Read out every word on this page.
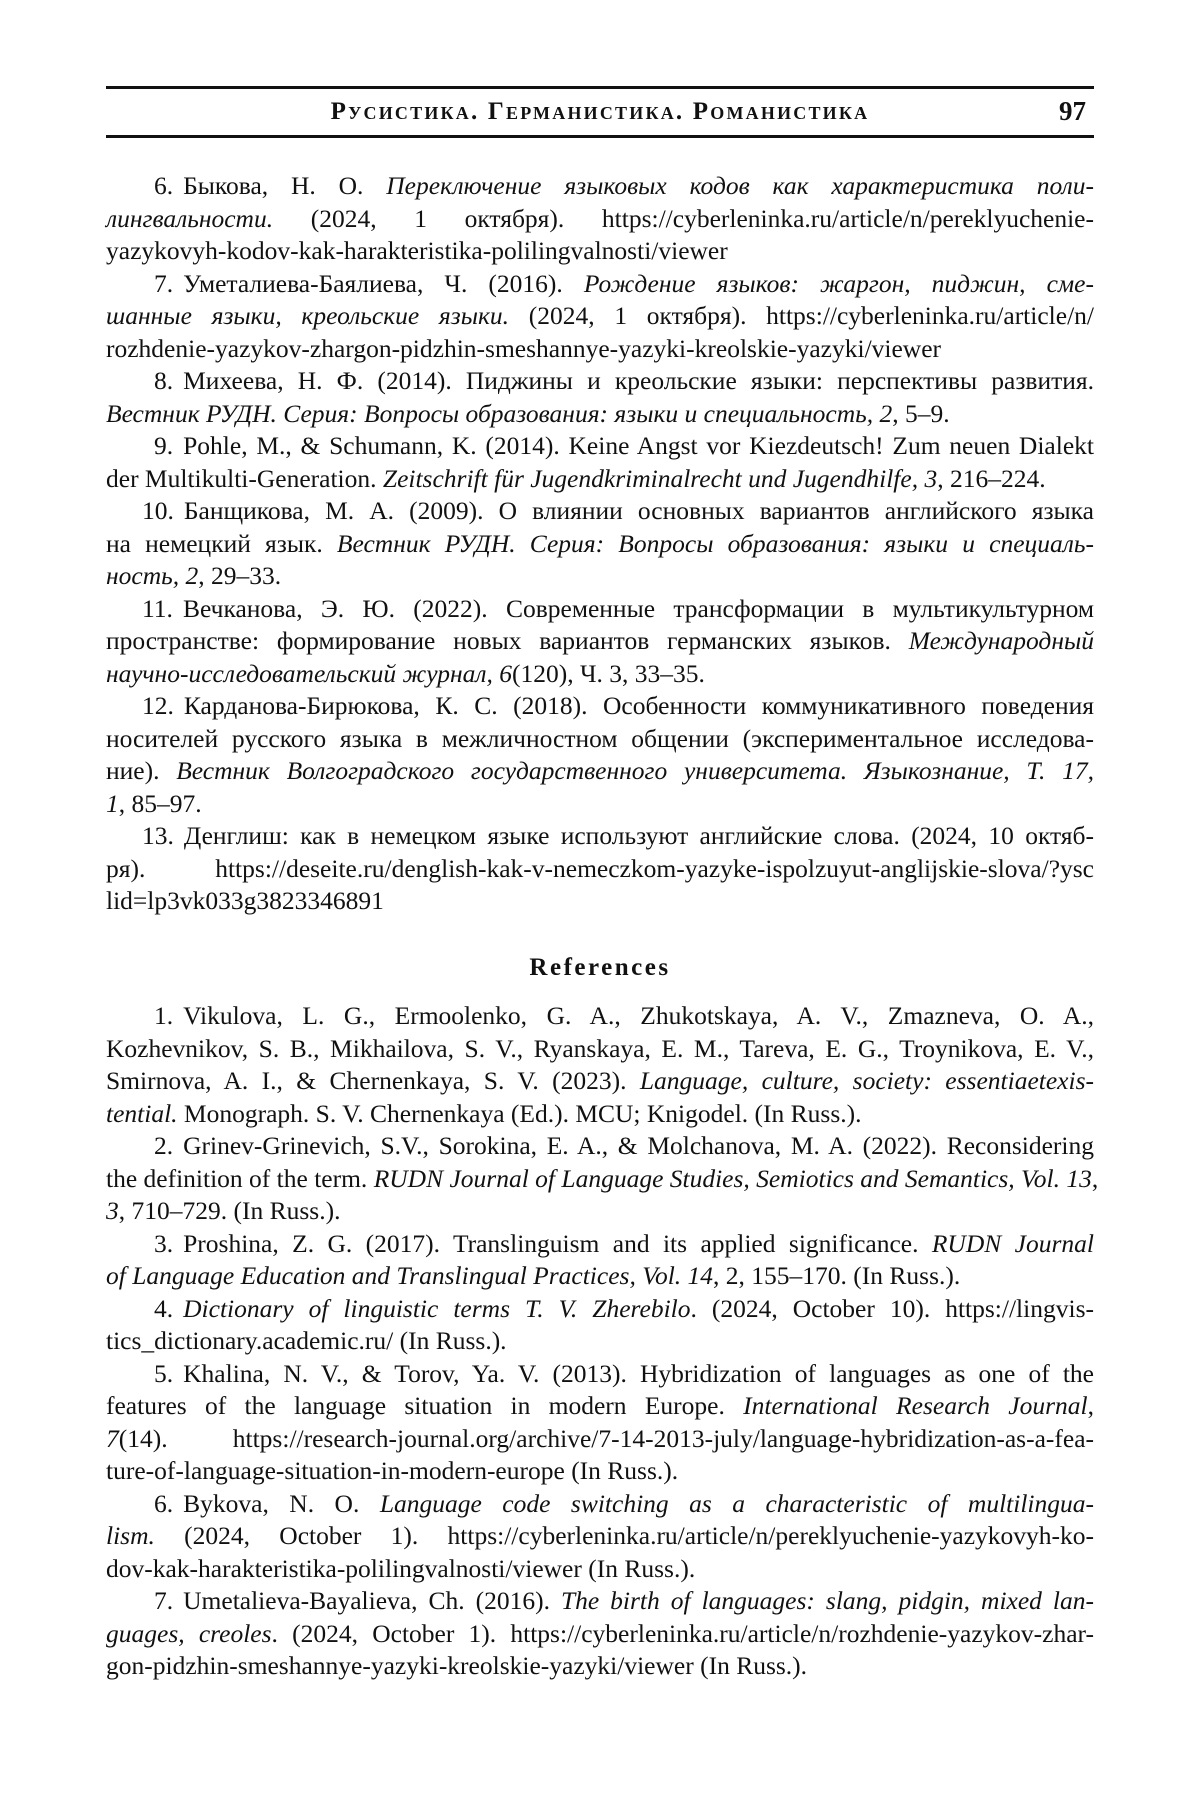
Русистика. Германистика. Романистика	97
6. Быкова, Н. О. Переключение языковых кодов как характеристика поли-
лингвальности. (2024, 1 октября). https://cyberleninka.ru/article/n/pereklyuchenie-
yazykovyh-kodov-kak-harakteristika-polilingvalnosti/viewer
7. Уметалиева-Баялиева, Ч. (2016). Рождение языков: жаргон, пиджин, сме-
шанные языки, креольские языки. (2024, 1 октября). https://cyberleninka.ru/article/n/
rozhdenie-yazykov-zhargon-pidzhin-smeshannye-yazyki-kreolskie-yazyki/viewer
8. Михеева, Н. Ф. (2014). Пиджины и креольские языки: перспективы развития.
Вестник РУДН. Серия: Вопросы образования: языки и специальность, 2, 5–9.
9. Pohle, M., & Schumann, K. (2014). Keine Angst vor Kiezdeutsch! Zum neuen Dialekt
der Multikulti-Generation. Zeitschrift für Jugendkriminalrecht und Jugendhilfe, 3, 216–224.
10. Банщикова, М. А. (2009). О влиянии основных вариантов английского языка
на немецкий язык. Вестник РУДН. Серия: Вопросы образования: языки и специаль-
ность, 2, 29–33.
11. Вечканова, Э. Ю. (2022). Современные трансформации в мультикультурном
пространстве: формирование новых вариантов германских языков. Международный
научно-исследовательский журнал, 6(120), Ч. 3, 33–35.
12. Карданова-Бирюкова, К. С. (2018). Особенности коммуникативного поведения
носителей русского языка в межличностном общении (экспериментальное исследова-
ние). Вестник Волгоградского государственного университета. Языкознание, Т. 17,
1, 85–97.
13. Денглиш: как в немецком языке используют английские слова. (2024, 10 октяб-
ря). https://deseite.ru/denglish-kak-v-nemeczkom-yazyke-ispolzuyut-anglijskie-slova/?ysc
lid=lp3vk033g3823346891
References
1. Vikulova, L. G., Ermoolenko, G. A., Zhukotskaya, A. V., Zmazneva, O. A.,
Kozhevnikov, S. B., Mikhailova, S. V., Ryanskaya, E. M., Tareva, E. G., Troynikova, E. V.,
Smirnova, A. I., & Chernenkaya, S. V. (2023). Language, culture, society: essentiaetexis-
tential. Monograph. S. V. Chernenkaya (Ed.). MCU; Knigodel. (In Russ.).
2. Grinev-Grinevich, S.V., Sorokina, E. A., & Molchanova, M. A. (2022). Reconsidering
the definition of the term. RUDN Journal of Language Studies, Semiotics and Semantics, Vol. 13,
3, 710–729. (In Russ.).
3. Proshina, Z. G. (2017). Translinguism and its applied significance. RUDN Journal
of Language Education and Translingual Practices, Vol. 14, 2, 155–170. (In Russ.).
4. Dictionary of linguistic terms T. V. Zherebilo. (2024, October 10). https://lingvis-
tics_dictionary.academic.ru/ (In Russ.).
5. Khalina, N. V., & Torov, Ya. V. (2013). Hybridization of languages as one of the
features of the language situation in modern Europe. International Research Journal,
7(14). https://research-journal.org/archive/7-14-2013-july/language-hybridization-as-a-fea-
ture-of-language-situation-in-modern-europe (In Russ.).
6. Bykova, N. O. Language code switching as a characteristic of multilingua-
lism. (2024, October 1). https://cyberleninka.ru/article/n/pereklyuchenie-yazykovyh-ko-
dov-kak-harakteristika-polilingvalnosti/viewer (In Russ.).
7. Umetalieva-Bayalieva, Ch. (2016). The birth of languages: slang, pidgin, mixed lan-
guages, creoles. (2024, October 1). https://cyberleninka.ru/article/n/rozhdenie-yazykov-zhar-
gon-pidzhin-smeshannye-yazyki-kreolskie-yazyki/viewer (In Russ.).
